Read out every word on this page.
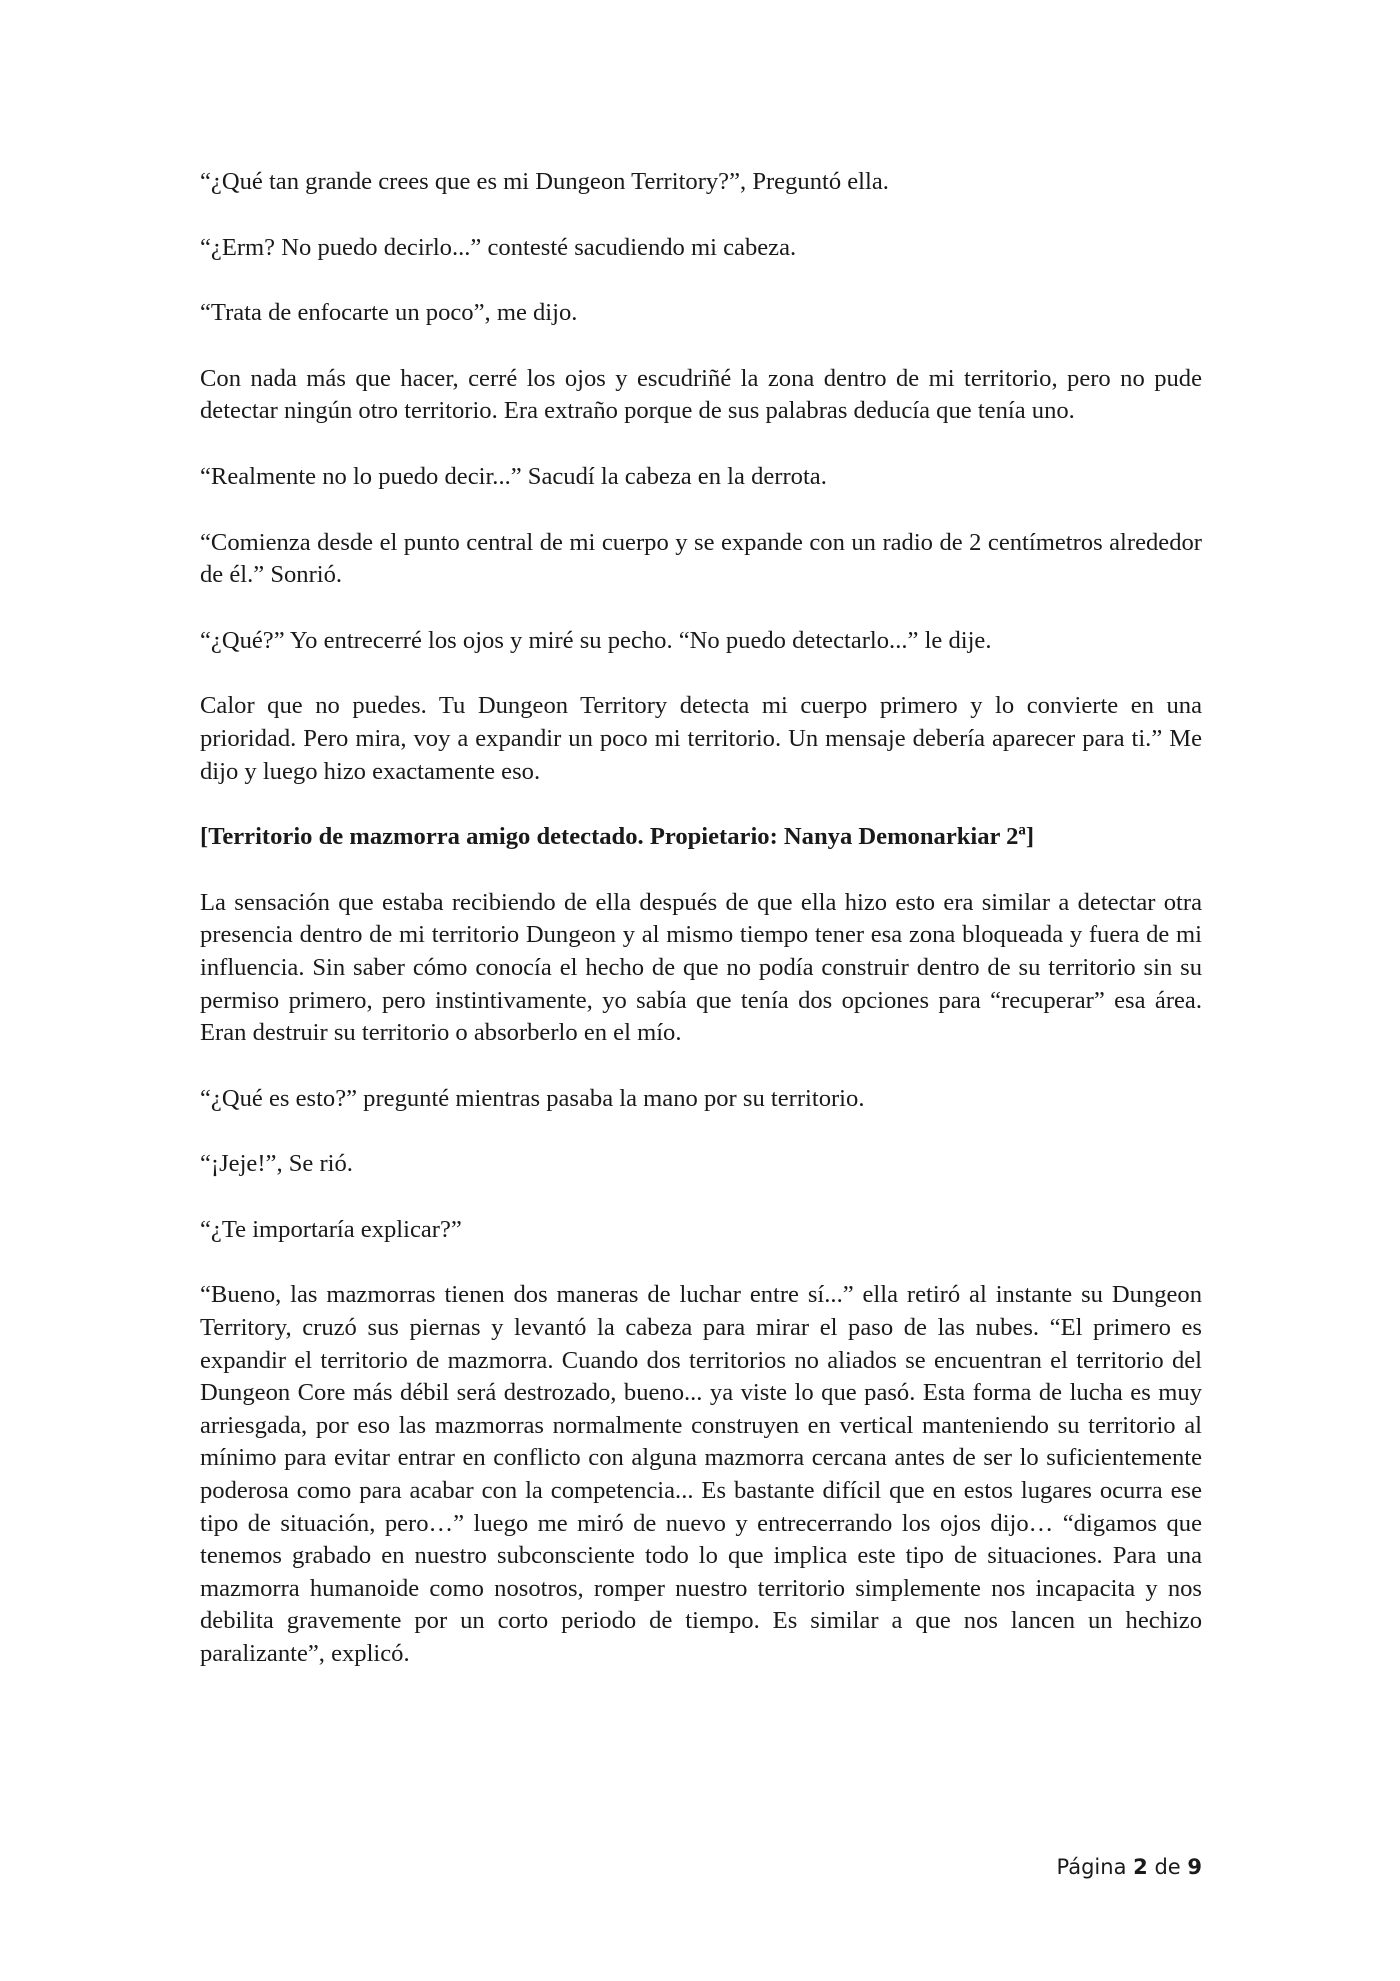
“¿Qué tan grande crees que es mi Dungeon Territory?”, Preguntó ella.

“¿Erm? No puedo decirlo...” contesté sacudiendo mi cabeza.

“Trata de enfocarte un poco”, me dijo.

Con nada más que hacer, cerré los ojos y escudriñé la zona dentro de mi territorio, pero no pude detectar ningún otro territorio. Era extraño porque de sus palabras deducía que tenía uno.

“Realmente no lo puedo decir...” Sacudí la cabeza en la derrota.

“Comienza desde el punto central de mi cuerpo y se expande con un radio de 2 centímetros alrededor de él.” Sonrió.

“¿Qué?” Yo entrecerré los ojos y miré su pecho. “No puedo detectarlo...” le dije.

Calor que no puedes. Tu Dungeon Territory detecta mi cuerpo primero y lo convierte en una prioridad. Pero mira, voy a expandir un poco mi territorio. Un mensaje debería aparecer para ti.” Me dijo y luego hizo exactamente eso.

[Territorio de mazmorra amigo detectado. Propietario: Nanya Demonarkiar 2ª]

La sensación que estaba recibiendo de ella después de que ella hizo esto era similar a detectar otra presencia dentro de mi territorio Dungeon y al mismo tiempo tener esa zona bloqueada y fuera de mi influencia. Sin saber cómo conocía el hecho de que no podía construir dentro de su territorio sin su permiso primero, pero instintivamente, yo sabía que tenía dos opciones para “recuperar” esa área. Eran destruir su territorio o absorberlo en el mío.

“¿Qué es esto?” pregunté mientras pasaba la mano por su territorio.

“¡Jeje!”, Se rió.

“¿Te importaría explicar?”

“Bueno, las mazmorras tienen dos maneras de luchar entre sí...” ella retiró al instante su Dungeon Territory, cruzó sus piernas y levantó la cabeza para mirar el paso de las nubes. “El primero es expandir el territorio de mazmorra. Cuando dos territorios no aliados se encuentran el territorio del Dungeon Core más débil será destrozado, bueno... ya viste lo que pasó. Esta forma de lucha es muy arriesgada, por eso las mazmorras normalmente construyen en vertical manteniendo su territorio al mínimo para evitar entrar en conflicto con alguna mazmorra cercana antes de ser lo suficientemente poderosa como para acabar con la competencia... Es bastante difícil que en estos lugares ocurra ese tipo de situación, pero…” luego me miró de nuevo y entrecerrando los ojos dijo… “digamos que tenemos grabado en nuestro subconsciente todo lo que implica este tipo de situaciones. Para una mazmorra humanoide como nosotros, romper nuestro territorio simplemente nos incapacita y nos debilita gravemente por un corto periodo de tiempo. Es similar a que nos lancen un hechizo paralizante”, explicó.

Página 2 de 9
